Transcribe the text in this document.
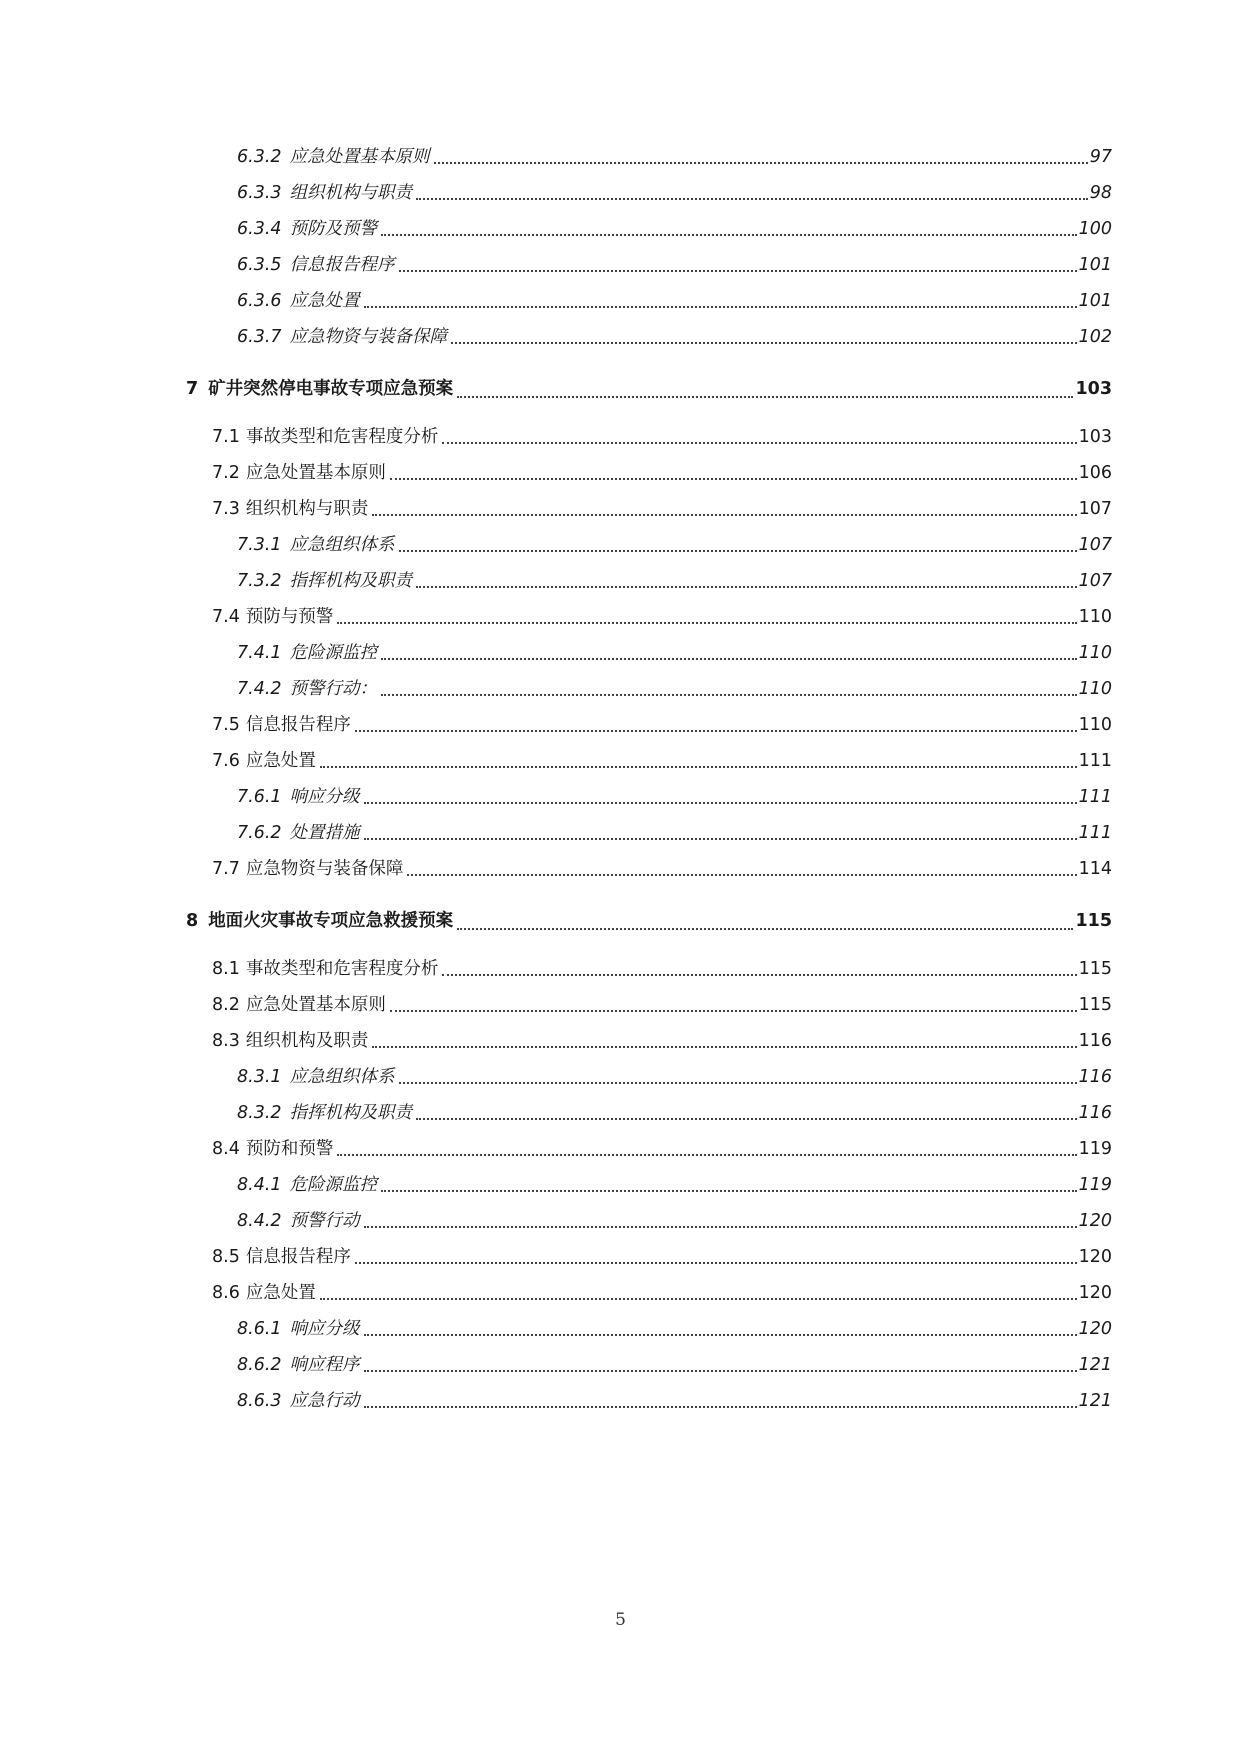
6.3.2 应急处置基本原则	97
6.3.3 组织机构与职责	98
6.3.4 预防及预警	100
6.3.5 信息报告程序	101
6.3.6 应急处置	101
6.3.7 应急物资与装备保障	102
7 矿井突然停电事故专项应急预案	103
7.1 事故类型和危害程度分析	103
7.2 应急处置基本原则	106
7.3 组织机构与职责	107
7.3.1 应急组织体系	107
7.3.2 指挥机构及职责	107
7.4 预防与预警	110
7.4.1 危险源监控	110
7.4.2 预警行动：	110
7.5 信息报告程序	110
7.6 应急处置	111
7.6.1 响应分级	111
7.6.2 处置措施	111
7.7 应急物资与装备保障	114
8 地面火灾事故专项应急救援预案	115
8.1 事故类型和危害程度分析	115
8.2 应急处置基本原则	115
8.3 组织机构及职责	116
8.3.1 应急组织体系	116
8.3.2 指挥机构及职责	116
8.4 预防和预警	119
8.4.1 危险源监控	119
8.4.2 预警行动	120
8.5 信息报告程序	120
8.6 应急处置	120
8.6.1 响应分级	120
8.6.2 响应程序	121
8.6.3 应急行动	121
5
